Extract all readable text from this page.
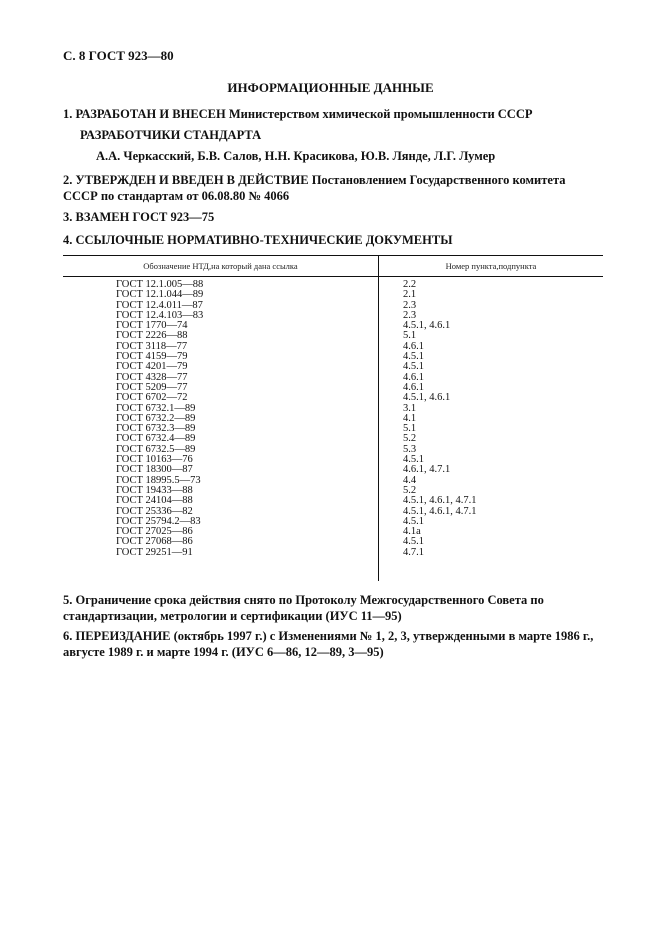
С. 8 ГОСТ 923—80
ИНФОРМАЦИОННЫЕ ДАННЫЕ
1. РАЗРАБОТАН И ВНЕСЕН Министерством химической промышленности СССР
РАЗРАБОТЧИКИ СТАНДАРТА
А.А. Черкасский, Б.В. Салов, Н.Н. Красикова, Ю.В. Лянде, Л.Г. Лумер
2. УТВЕРЖДЕН И ВВЕДЕН В ДЕЙСТВИЕ Постановлением Государственного комитета СССР по стандартам от 06.08.80 № 4066
3. ВЗАМЕН ГОСТ 923—75
4. ССЫЛОЧНЫЕ НОРМАТИВНО-ТЕХНИЧЕСКИЕ ДОКУМЕНТЫ
Обозначение НТД,на который дана ссылка	Номер пункта,подпункта
ГОСТ 12.1.005—88	2.2
ГОСТ 12.1.044—89	2.1
ГОСТ 12.4.011—87	2.3
ГОСТ 12.4.103—83	2.3
ГОСТ 1770—74	4.5.1, 4.6.1
ГОСТ 2226—88	5.1
ГОСТ 3118—77	4.6.1
ГОСТ 4159—79	4.5.1
ГОСТ 4201—79	4.5.1
ГОСТ 4328—77	4.6.1
ГОСТ 5209—77	4.6.1
ГОСТ 6702—72	4.5.1, 4.6.1
ГОСТ 6732.1—89	3.1
ГОСТ 6732.2—89	4.1
ГОСТ 6732.3—89	5.1
ГОСТ 6732.4—89	5.2
ГОСТ 6732.5—89	5.3
ГОСТ 10163—76	4.5.1
ГОСТ 18300—87	4.6.1, 4.7.1
ГОСТ 18995.5—73	4.4
ГОСТ 19433—88	5.2
ГОСТ 24104—88	4.5.1, 4.6.1, 4.7.1
ГОСТ 25336—82	4.5.1, 4.6.1, 4.7.1
ГОСТ 25794.2—83	4.5.1
ГОСТ 27025—86	4.1а
ГОСТ 27068—86	4.5.1
ГОСТ 29251—91	4.7.1
5. Ограничение срока действия снято по Протоколу Межгосударственного Совета по стандартизации, метрологии и сертификации (ИУС 11—95)
6. ПЕРЕИЗДАНИЕ (октябрь 1997 г.) с Изменениями № 1, 2, 3, утвержденными в марте 1986 г., августе 1989 г. и марте 1994 г. (ИУС 6—86, 12—89, 3—95)
